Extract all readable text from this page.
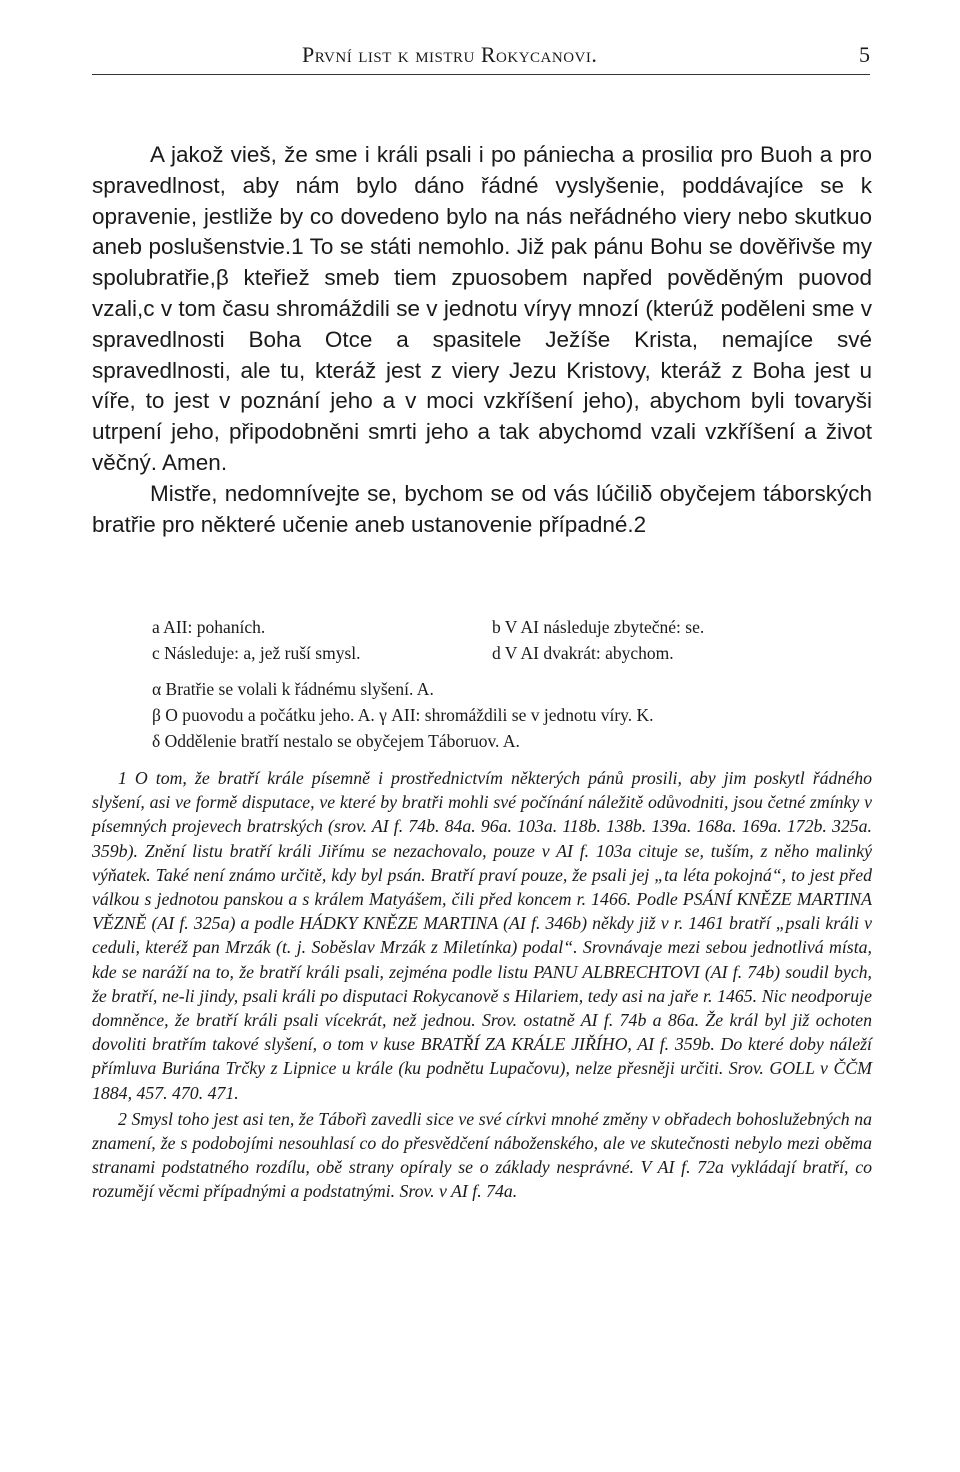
První list k mistru Rokycanovi.	5

A jakož vieš, že sme i králi psali i po pániecha a prosiliα pro Buoh a pro spravedlnost, aby nám bylo dáno řádné vyslyšenie, poddávajíce se k opravenie, jestliže by co dovedeno bylo na nás neřádného viery nebo skutkuo aneb poslušenstvie.1 To se státi nemohlo. Již pak pánu Bohu se dověřivše my spolubratřie,β kteřiež smeb tiem zpuosobem napřed pověděným puovod vzali,c v tom času shromáždili se v jednotu víryγ mnozí (kterúž poděleni sme v spravedlnosti Boha Otce a spasitele Ježíše Krista, nemajíce své spravedlnosti, ale tu, kteráž jest z viery Jezu Kristovy, kteráž z Boha jest u víře, to jest v poznání jeho a v moci vzkříšení jeho), abychom byli tovaryši utrpení jeho, připodobněni smrti jeho a tak abychomd vzali vzkříšení a život věčný. Amen.

Mistře, nedomnívejte se, bychom se od vás lúčiliδ obyčejem táborských bratřie pro některé učenie aneb ustanovenie případné.2

a AII: pohaních.	b V AI následuje zbytečné: se.
c Následuje: a, jež ruší smysl.	d V AI dvakrát: abychom.
α Bratřie se volali k řádnému slyšení. A.
β O puovodu a počátku jeho. A. γ AII: shromáždili se v jednotu víry. K.
δ Oddělenie bratří nestalo se obyčejem Táboruov. A.

1 O tom, že bratří krále písemně i prostřednictvím některých pánů prosili, aby jim poskytl řádného slyšení, asi ve formě disputace, ve které by bratři mohli své počínání náležitě odůvodniti, jsou četné zmínky v písemných projevech bratrských (srov. AI f. 74b. 84a. 96a. 103a. 118b. 138b. 139a. 168a. 169a. 172b. 325a. 359b). Znění listu bratří králi Jiřímu se nezachovalo, pouze v AI f. 103a cituje se, tuším, z něho malinký výňatek. Také není známo určitě, kdy byl psán. Bratří praví pouze, že psali jej „ta léta pokojná“, to jest před válkou s jednotou panskou a s králem Matyášem, čili před koncem r. 1466. Podle PSÁNÍ KNĚZE MARTINA VĚZNĚ (AI f. 325a) a podle HÁDKY KNĚZE MARTINA (AI f. 346b) někdy již v r. 1461 bratří „psali králi v ceduli, kteréž pan Mrzák (t. j. Soběslav Mrzák z Miletínka) podal“. Srovnávaje mezi sebou jednotlivá místa, kde se naráží na to, že bratří králi psali, zejména podle listu PANU ALBRECHTOVI (AI f. 74b) soudil bych, že bratří, ne-li jindy, psali králi po disputaci Rokycanově s Hilariem, tedy asi na jaře r. 1465. Nic neodporuje domněnce, že bratří králi psali vícekrát, než jednou. Srov. ostatně AI f. 74b a 86a. Že král byl již ochoten dovoliti bratřím takové slyšení, o tom v kuse BRATŘÍ ZA KRÁLE JIŘÍHO, AI f. 359b. Do které doby náleží přímluva Buriána Trčky z Lipnice u krále (ku podnětu Lupačovu), nelze přesněji určiti. Srov. GOLL v ČČM 1884, 457. 470. 471.

2 Smysl toho jest asi ten, že Tábořì zavedli sice ve své církvi mnohé změny v obřadech bohoslužebných na znamení, že s podobojími nesouhlasí co do přesvědčení náboženského, ale ve skutečnosti nebylo mezi oběma stranami podstatného rozdílu, obě strany opíraly se o základy nesprávné. V AI f. 72a vykládají bratří, co rozumějí věcmi případnými a podstatnými. Srov. v AI f. 74a.
